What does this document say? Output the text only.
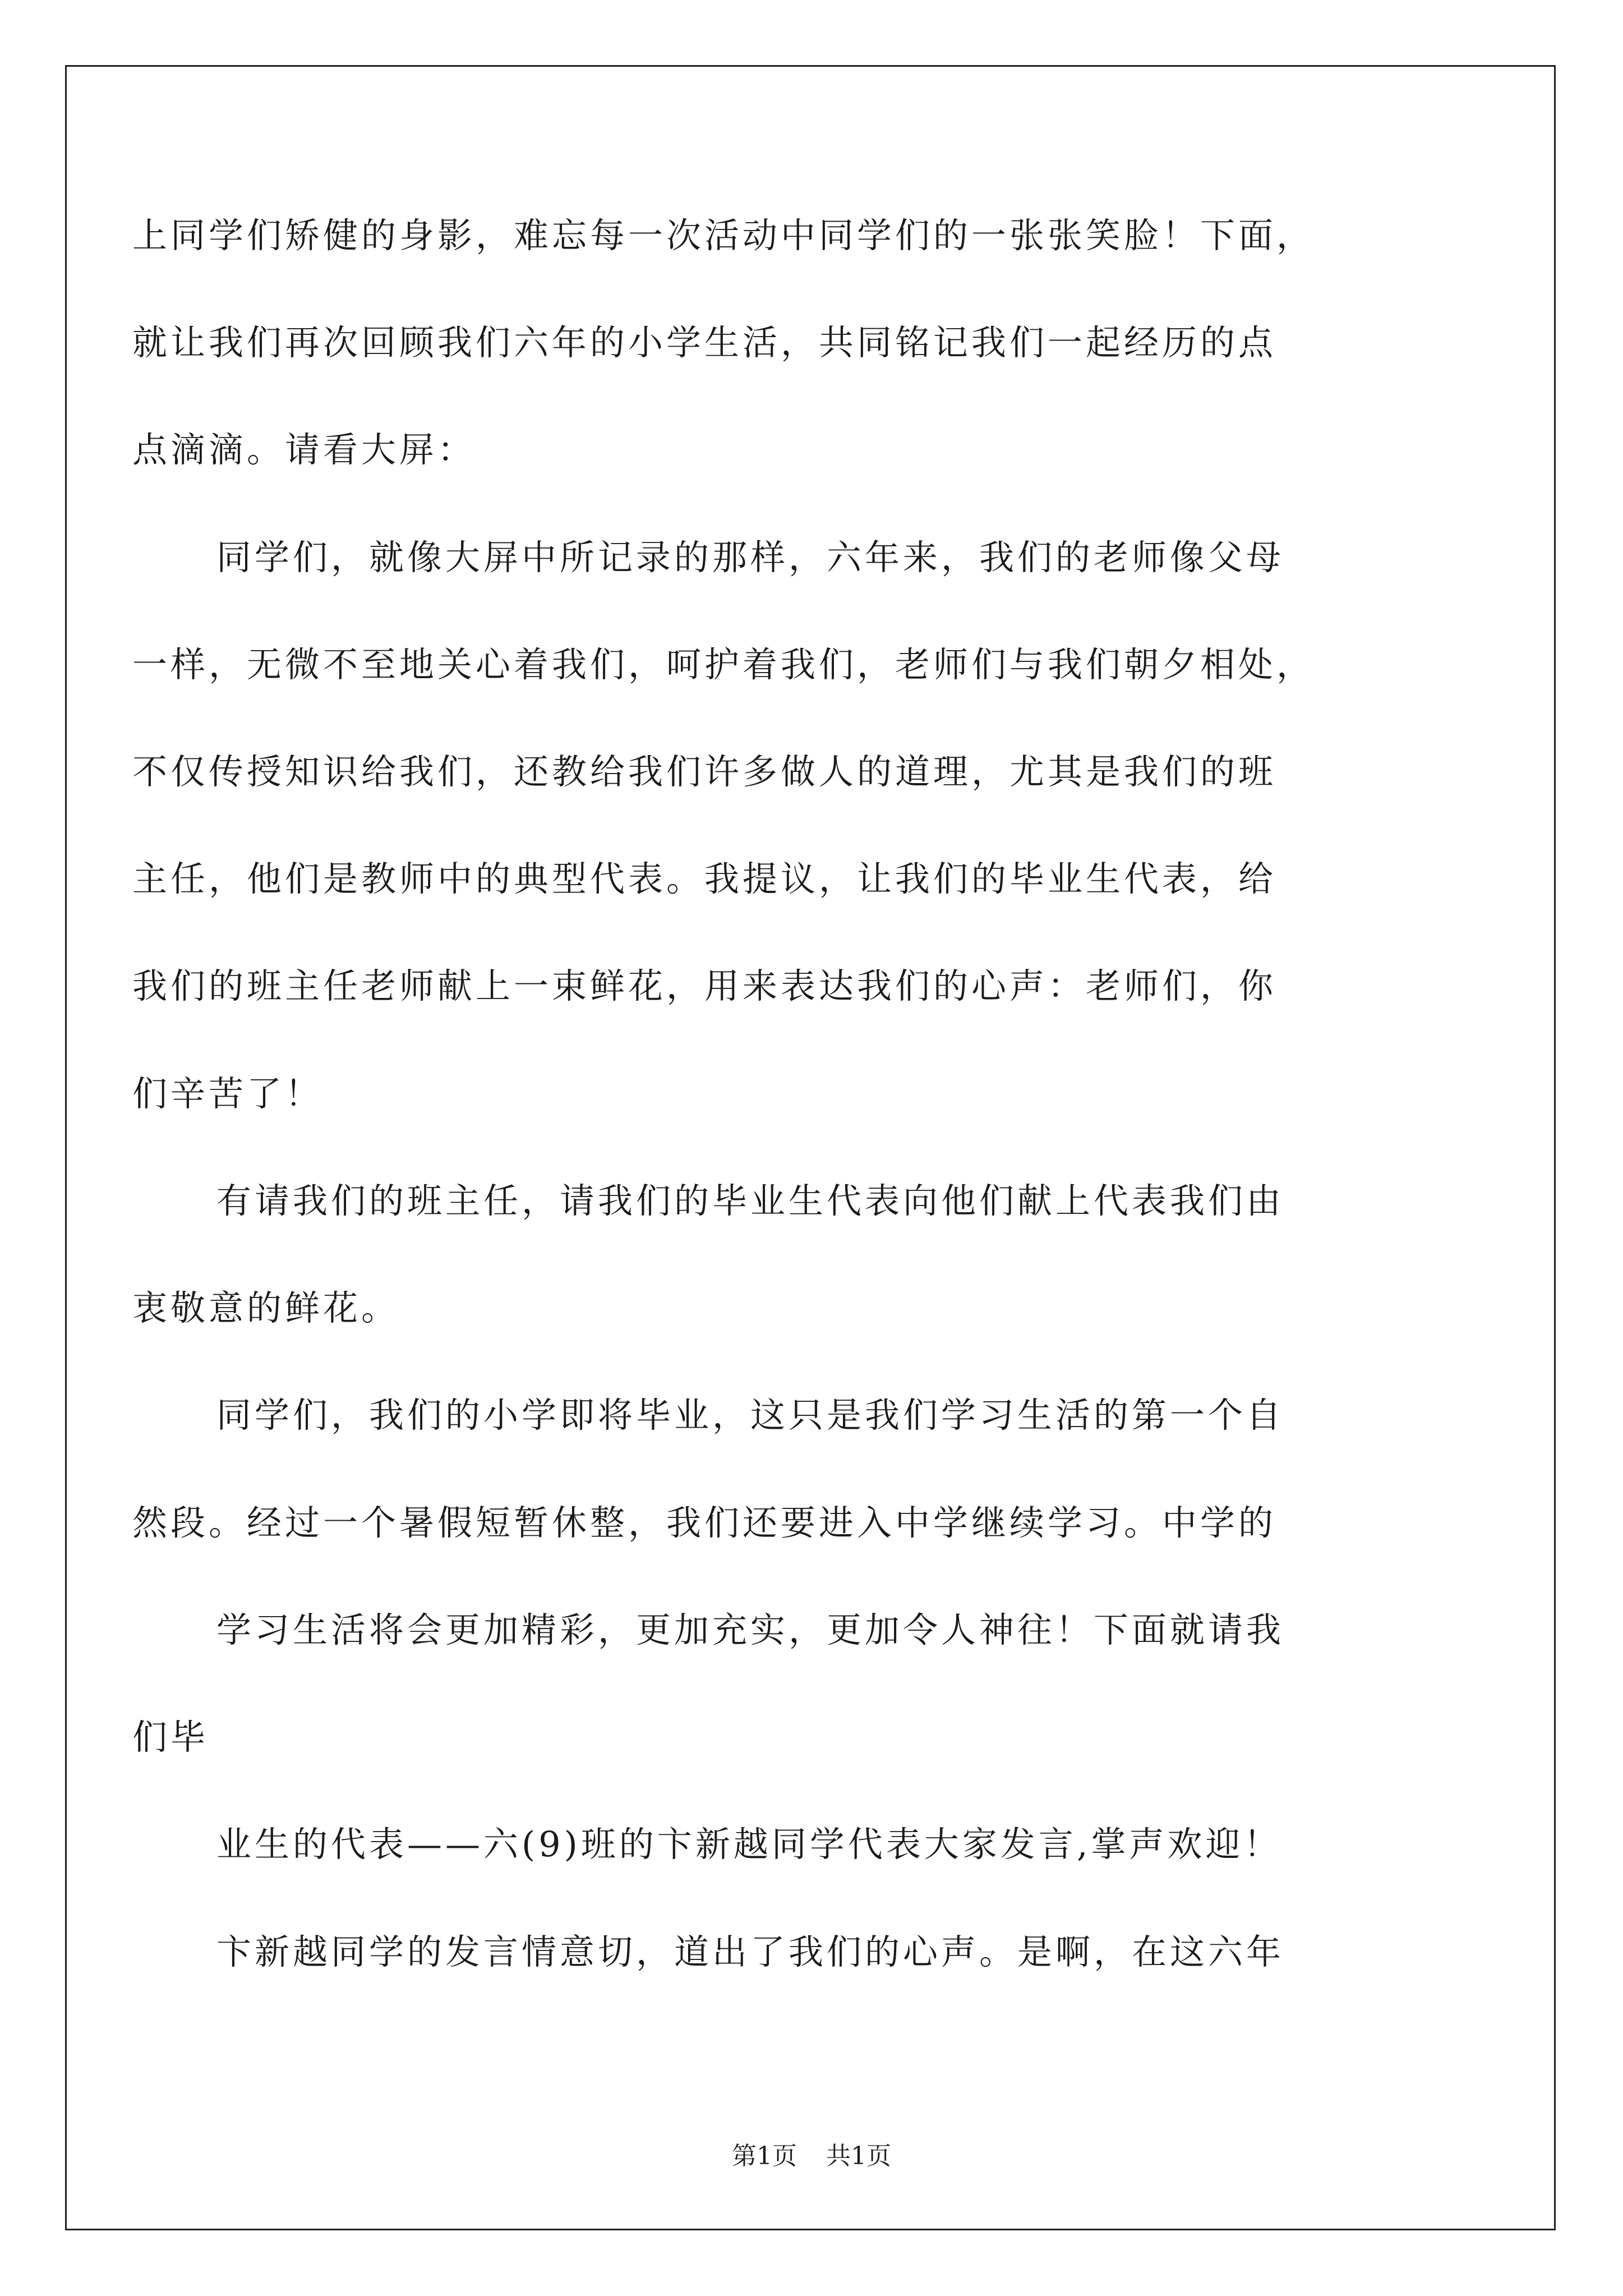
上同学们矫健的身影，难忘每一次活动中同学们的一张张笑脸！下面，
就让我们再次回顾我们六年的小学生活，共同铭记我们一起经历的点
点滴滴。请看大屏：
同学们，就像大屏中所记录的那样，六年来，我们的老师像父母
一样，无微不至地关心着我们，呵护着我们，老师们与我们朝夕相处，
不仅传授知识给我们，还教给我们许多做人的道理，尤其是我们的班
主任，他们是教师中的典型代表。我提议，让我们的毕业生代表，给
我们的班主任老师献上一束鲜花，用来表达我们的心声：老师们，你
们辛苦了！
有请我们的班主任，请我们的毕业生代表向他们献上代表我们由
衷敬意的鲜花。
同学们，我们的小学即将毕业，这只是我们学习生活的第一个自
然段。经过一个暑假短暂休整，我们还要进入中学继续学习。中学的
学习生活将会更加精彩，更加充实，更加令人神往！下面就请我
们毕
业生的代表——六(9)班的卞新越同学代表大家发言,掌声欢迎！
卞新越同学的发言情意切，道出了我们的心声。是啊，在这六年
第1页 共1页
